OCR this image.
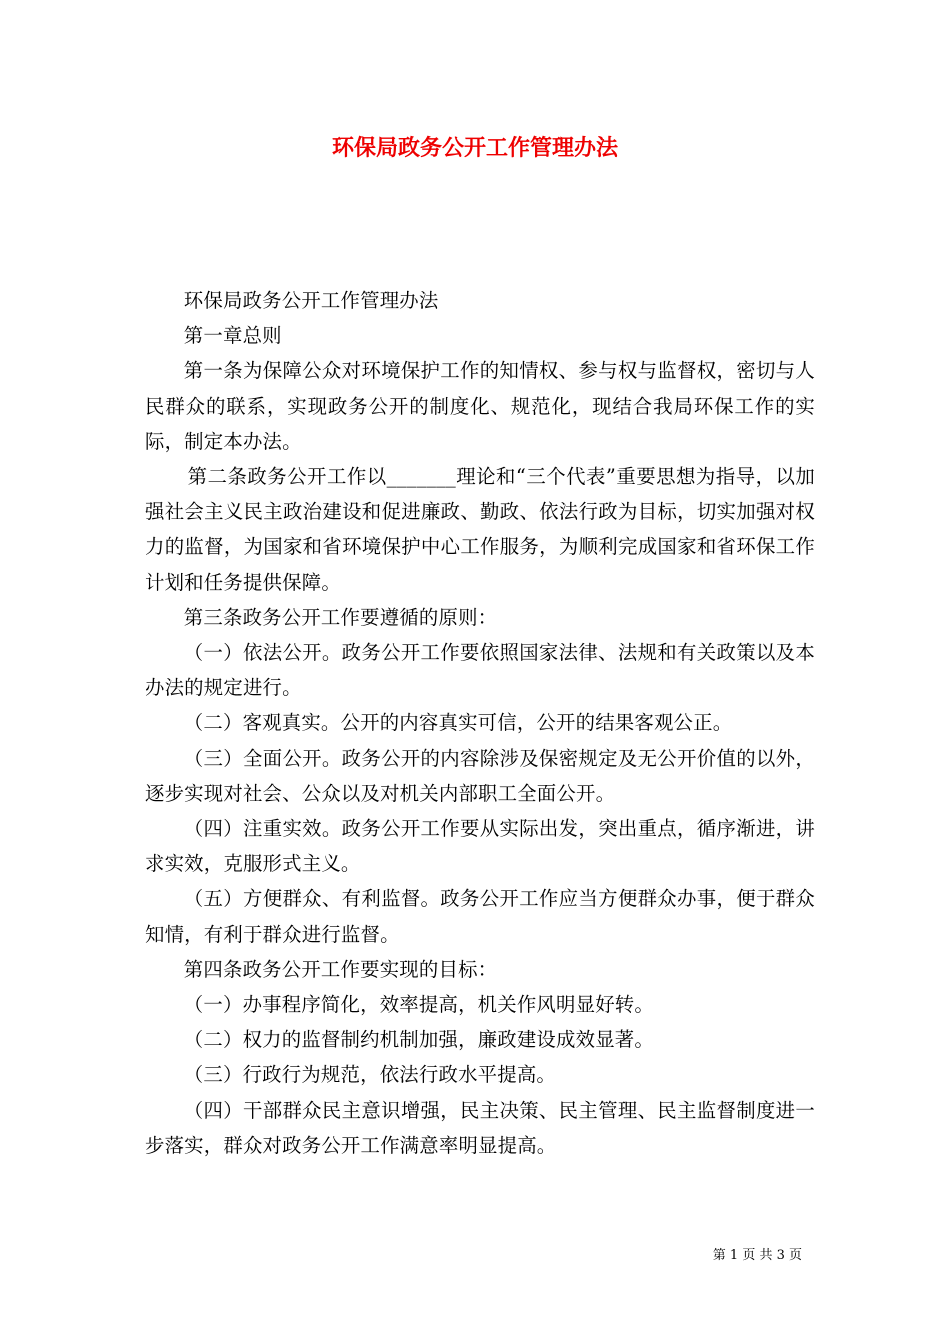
环保局政务公开工作管理办法

环保局政务公开工作管理办法

第一章总则

第一条为保障公众对环境保护工作的知情权、参与权与监督权，密切与人民群众的联系，实现政务公开的制度化、规范化，现结合我局环保工作的实际，制定本办法。

第二条政务公开工作以_______理论和“三个代表”重要思想为指导，以加强社会主义民主政治建设和促进廉政、勤政、依法行政为目标，切实加强对权力的监督，为国家和省环境保护中心工作服务，为顺利完成国家和省环保工作计划和任务提供保障。

第三条政务公开工作要遵循的原则：

（一）依法公开。政务公开工作要依照国家法律、法规和有关政策以及本办法的规定进行。

（二）客观真实。公开的内容真实可信，公开的结果客观公正。

（三）全面公开。政务公开的内容除涉及保密规定及无公开价值的以外，逐步实现对社会、公众以及对机关内部职工全面公开。

（四）注重实效。政务公开工作要从实际出发，突出重点，循序渐进，讲求实效，克服形式主义。

（五）方便群众、有利监督。政务公开工作应当方便群众办事，便于群众知情，有利于群众进行监督。

第四条政务公开工作要实现的目标：

（一）办事程序简化，效率提高，机关作风明显好转。

（二）权力的监督制约机制加强，廉政建设成效显著。

（三）行政行为规范，依法行政水平提高。

（四）干部群众民主意识增强，民主决策、民主管理、民主监督制度进一步落实，群众对政务公开工作满意率明显提高。

第 1 页 共 3 页
